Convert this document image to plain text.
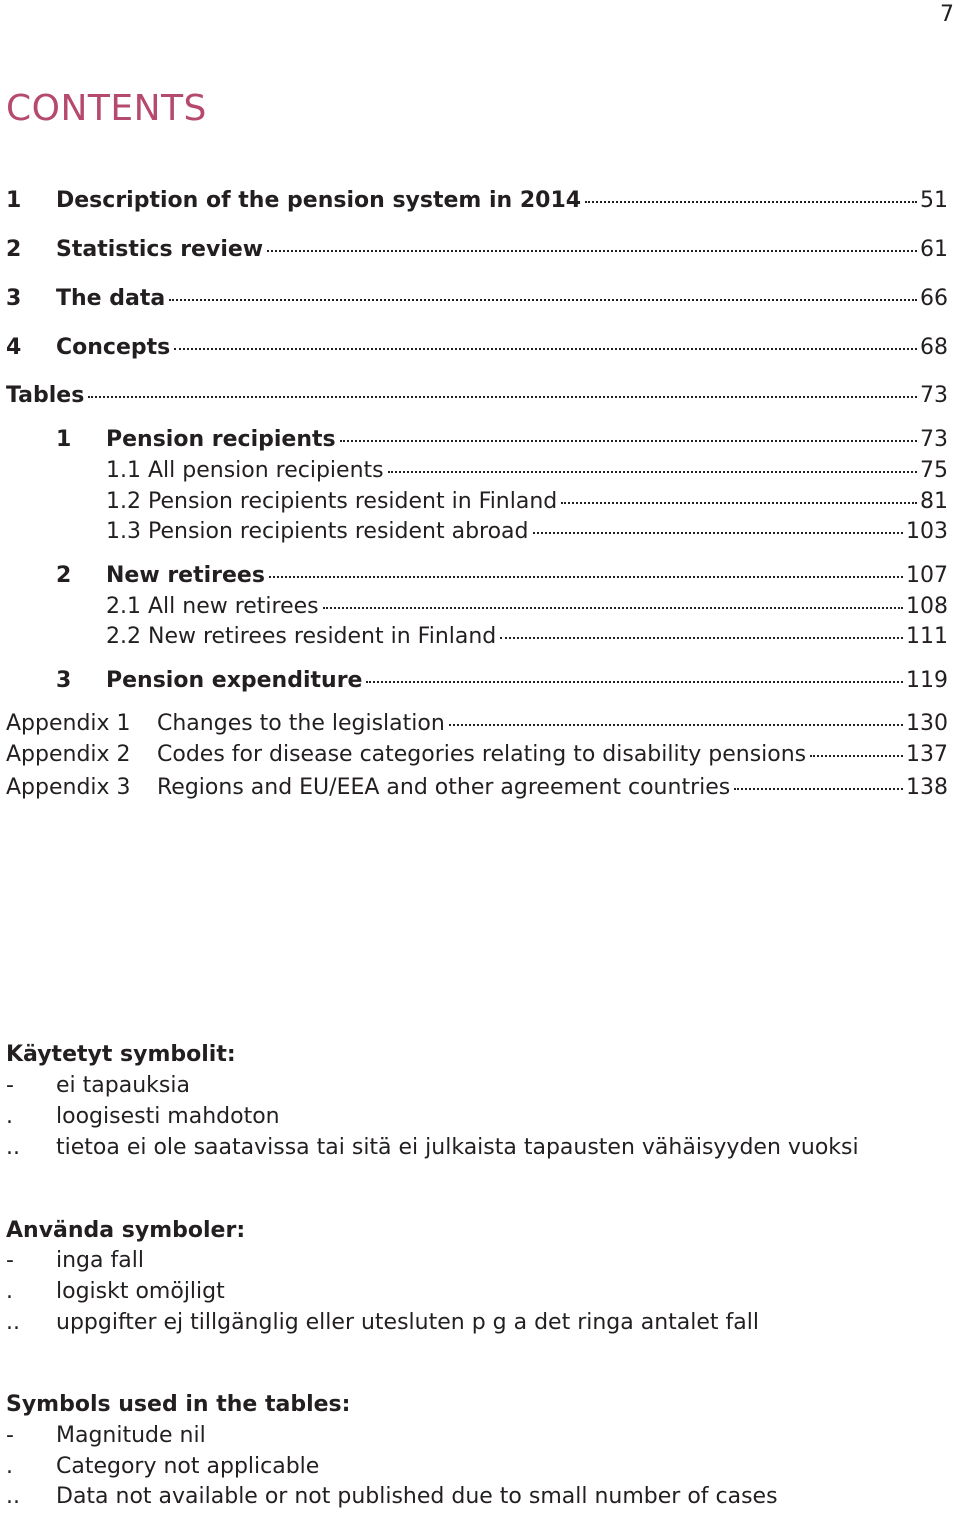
7
CONTENTS
1	Description of the pension system in 2014	51
2	Statistics review	61
3	The data	66
4	Concepts	68
Tables	73
1	Pension recipients	73
1.1 All pension recipients	75
1.2 Pension recipients resident in Finland	81
1.3 Pension recipients resident abroad	103
2	New retirees	107
2.1 All new retirees	108
2.2 New retirees resident in Finland	111
3	Pension expenditure	119
Appendix 1	Changes to the legislation	130
Appendix 2	Codes for disease categories relating to disability pensions	137
Appendix 3	Regions and EU/EEA and other agreement countries	138
Käytetyt symbolit:
-	ei tapauksia
.	loogisesti mahdoton
..	tietoa ei ole saatavissa tai sitä ei julkaista tapausten vähäisyyden vuoksi
Använda symboler:
-	inga fall
.	logiskt omöjligt
..	uppgifter ej tillgänglig eller utesluten p g a det ringa antalet fall
Symbols used in the tables:
-	Magnitude nil
.	Category not applicable
..	Data not available or not published due to small number of cases
